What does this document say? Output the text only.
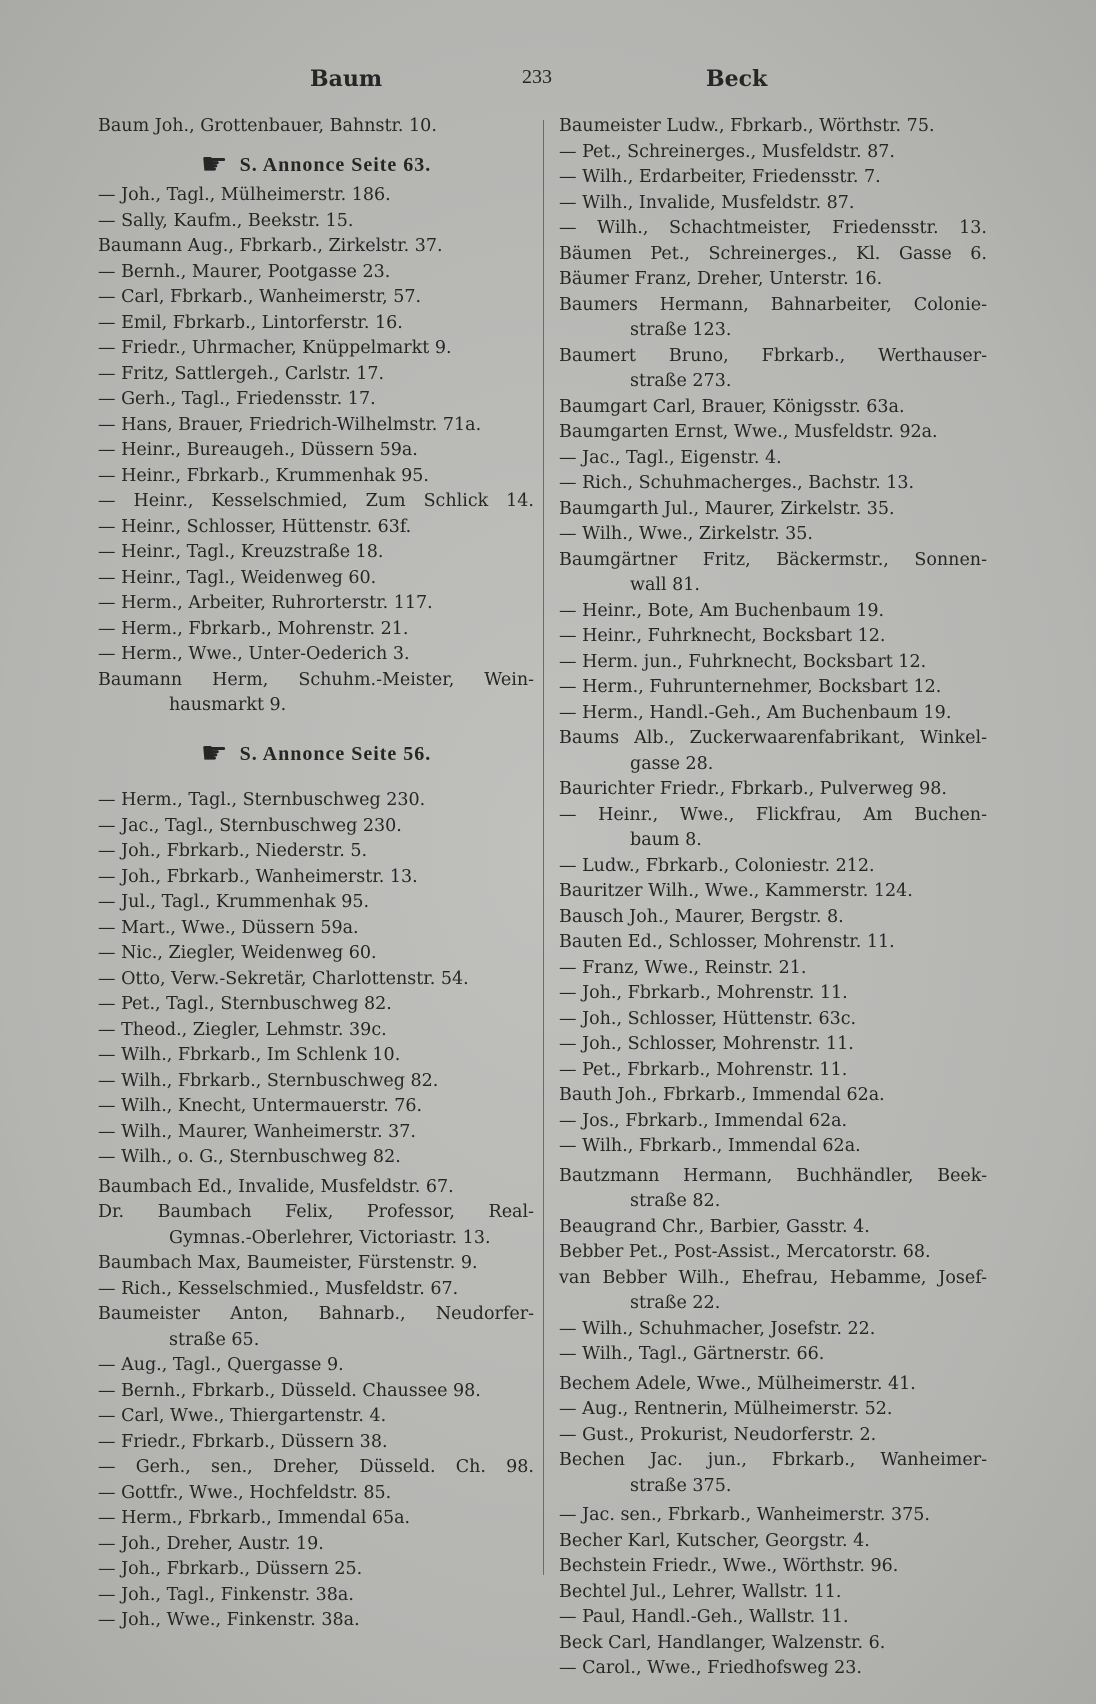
Baum	233	Beck
Baum Joh., Grottenbauer, Bahnstr. 10.
☛ S. Annonce Seite 63.
— Joh., Tagl., Mülheimerstr. 186.
— Sally, Kaufm., Beekstr. 15.
Baumann Aug., Fbrkarb., Zirkelstr. 37.
— Bernh., Maurer, Pootgasse 23.
— Carl, Fbrkarb., Wanheimerstr, 57.
— Emil, Fbrkarb., Lintorferstr. 16.
— Friedr., Uhrmacher, Knüppelmarkt 9.
— Fritz, Sattlergeh., Carlstr. 17.
— Gerh., Tagl., Friedensstr. 17.
— Hans, Brauer, Friedrich-Wilhelmstr. 71a.
— Heinr., Bureaugeh., Düssern 59a.
— Heinr., Fbrkarb., Krummenhak 95.
— Heinr., Kesselschmied, Zum Schlick 14.
— Heinr., Schlosser, Hüttenstr. 63f.
— Heinr., Tagl., Kreuzstraße 18.
— Heinr., Tagl., Weidenweg 60.
— Herm., Arbeiter, Ruhrorterstr. 117.
— Herm., Fbrkarb., Mohrenstr. 21.
— Herm., Wwe., Unter-Oederich 3.
Baumann Herm, Schuhm.-Meister, Wein-
hausmarkt 9.
☛ S. Annonce Seite 56.
— Herm., Tagl., Sternbuschweg 230.
— Jac., Tagl., Sternbuschweg 230.
— Joh., Fbrkarb., Niederstr. 5.
— Joh., Fbrkarb., Wanheimerstr. 13.
— Jul., Tagl., Krummenhak 95.
— Mart., Wwe., Düssern 59a.
— Nic., Ziegler, Weidenweg 60.
— Otto, Verw.-Sekretär, Charlottenstr. 54.
— Pet., Tagl., Sternbuschweg 82.
— Theod., Ziegler, Lehmstr. 39c.
— Wilh., Fbrkarb., Im Schlenk 10.
— Wilh., Fbrkarb., Sternbuschweg 82.
— Wilh., Knecht, Untermauerstr. 76.
— Wilh., Maurer, Wanheimerstr. 37.
— Wilh., o. G., Sternbuschweg 82.
Baumbach Ed., Invalide, Musfeldstr. 67.
Dr. Baumbach Felix, Professor, Real-
Gymnas.-Oberlehrer, Victoriastr. 13.
Baumbach Max, Baumeister, Fürstenstr. 9.
— Rich., Kesselschmied., Musfeldstr. 67.
Baumeister Anton, Bahnarb., Neudorfer-
straße 65.
— Aug., Tagl., Quergasse 9.
— Bernh., Fbrkarb., Düsseld. Chaussee 98.
— Carl, Wwe., Thiergartenstr. 4.
— Friedr., Fbrkarb., Düssern 38.
— Gerh., sen., Dreher, Düsseld. Ch. 98.
— Gottfr., Wwe., Hochfeldstr. 85.
— Herm., Fbrkarb., Immendal 65a.
— Joh., Dreher, Austr. 19.
— Joh., Fbrkarb., Düssern 25.
— Joh., Tagl., Finkenstr. 38a.
— Joh., Wwe., Finkenstr. 38a.
Baumeister Ludw., Fbrkarb., Wörthstr. 75.
— Pet., Schreinerges., Musfeldstr. 87.
— Wilh., Erdarbeiter, Friedensstr. 7.
— Wilh., Invalide, Musfeldstr. 87.
— Wilh., Schachtmeister, Friedensstr. 13.
Bäumen Pet., Schreinerges., Kl. Gasse 6.
Bäumer Franz, Dreher, Unterstr. 16.
Baumers Hermann, Bahnarbeiter, Colonie-
straße 123.
Baumert Bruno, Fbrkarb., Werthauser-
straße 273.
Baumgart Carl, Brauer, Königsstr. 63a.
Baumgarten Ernst, Wwe., Musfeldstr. 92a.
— Jac., Tagl., Eigenstr. 4.
— Rich., Schuhmacherges., Bachstr. 13.
Baumgarth Jul., Maurer, Zirkelstr. 35.
— Wilh., Wwe., Zirkelstr. 35.
Baumgärtner Fritz, Bäckermstr., Sonnen-
wall 81.
— Heinr., Bote, Am Buchenbaum 19.
— Heinr., Fuhrknecht, Bocksbart 12.
— Herm. jun., Fuhrknecht, Bocksbart 12.
— Herm., Fuhrunternehmer, Bocksbart 12.
— Herm., Handl.-Geh., Am Buchenbaum 19.
Baums Alb., Zuckerwaarenfabrikant, Winkel-
gasse 28.
Baurichter Friedr., Fbrkarb., Pulverweg 98.
— Heinr., Wwe., Flickfrau, Am Buchen-
baum 8.
— Ludw., Fbrkarb., Coloniestr. 212.
Bauritzer Wilh., Wwe., Kammerstr. 124.
Bausch Joh., Maurer, Bergstr. 8.
Bauten Ed., Schlosser, Mohrenstr. 11.
— Franz, Wwe., Reinstr. 21.
— Joh., Fbrkarb., Mohrenstr. 11.
— Joh., Schlosser, Hüttenstr. 63c.
— Joh., Schlosser, Mohrenstr. 11.
— Pet., Fbrkarb., Mohrenstr. 11.
Bauth Joh., Fbrkarb., Immendal 62a.
— Jos., Fbrkarb., Immendal 62a.
— Wilh., Fbrkarb., Immendal 62a.
Bautzmann Hermann, Buchhändler, Beek-
straße 82.
Beaugrand Chr., Barbier, Gasstr. 4.
Bebber Pet., Post-Assist., Mercatorstr. 68.
van Bebber Wilh., Ehefrau, Hebamme, Josef-
straße 22.
— Wilh., Schuhmacher, Josefstr. 22.
— Wilh., Tagl., Gärtnerstr. 66.
Bechem Adele, Wwe., Mülheimerstr. 41.
— Aug., Rentnerin, Mülheimerstr. 52.
— Gust., Prokurist, Neudorferstr. 2.
Bechen Jac. jun., Fbrkarb., Wanheimer-
straße 375.
— Jac. sen., Fbrkarb., Wanheimerstr. 375.
Becher Karl, Kutscher, Georgstr. 4.
Bechstein Friedr., Wwe., Wörthstr. 96.
Bechtel Jul., Lehrer, Wallstr. 11.
— Paul, Handl.-Geh., Wallstr. 11.
Beck Carl, Handlanger, Walzenstr. 6.
— Carol., Wwe., Friedhofsweg 23.
